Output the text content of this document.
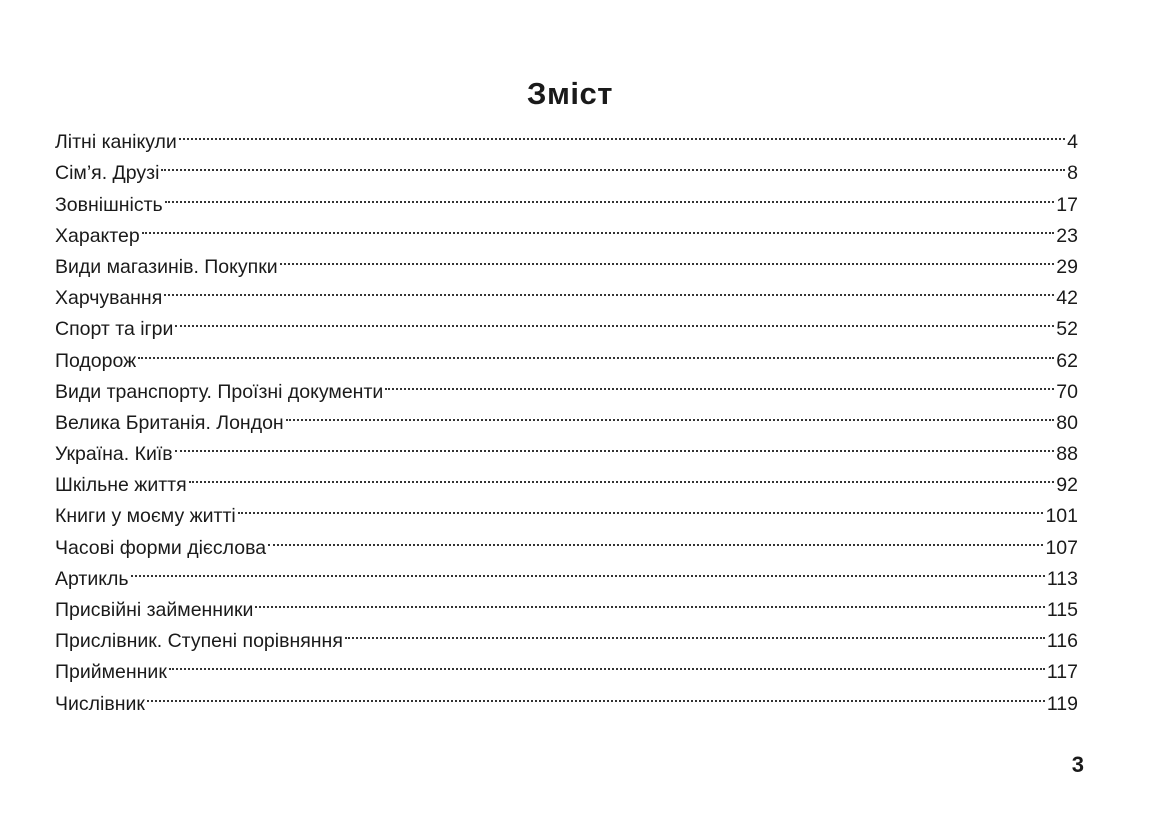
Зміст
Літні канікули	4
Сім’я. Друзі	8
Зовнішність	17
Характер	23
Види магазинів. Покупки	29
Харчування	42
Спорт та ігри	52
Подорож	62
Види транспорту. Проїзні документи	70
Велика Британія. Лондон	80
Україна. Київ	88
Шкільне життя	92
Книги у моєму житті	101
Часові форми дієслова	107
Артикль	113
Присвійні займенники	115
Прислівник. Ступені порівняння	116
Прийменник	117
Числівник	119
3
